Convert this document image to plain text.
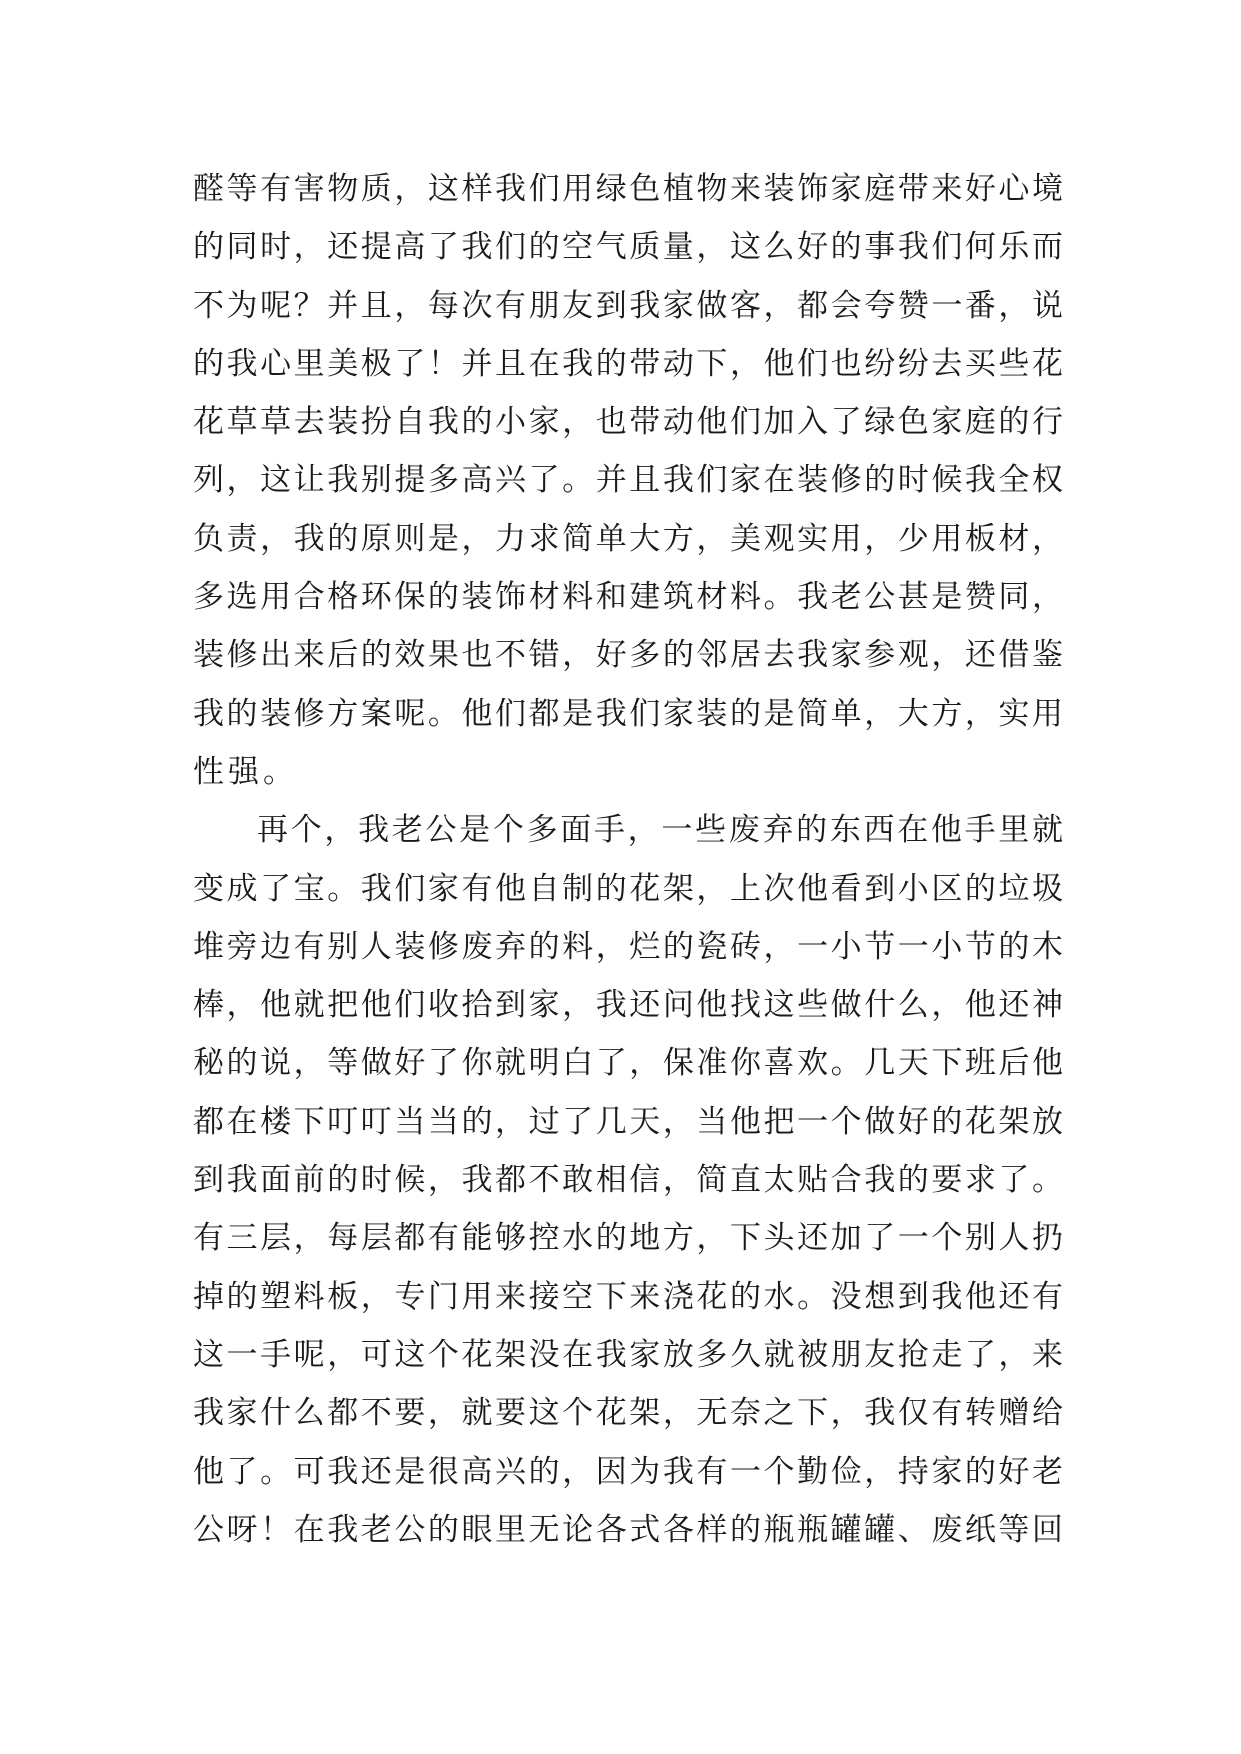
醛等有害物质，这样我们用绿色植物来装饰家庭带来好心境
的同时，还提高了我们的空气质量，这么好的事我们何乐而
不为呢？并且，每次有朋友到我家做客，都会夸赞一番，说
的我心里美极了！并且在我的带动下，他们也纷纷去买些花
花草草去装扮自我的小家，也带动他们加入了绿色家庭的行
列，这让我别提多高兴了。并且我们家在装修的时候我全权
负责，我的原则是，力求简单大方，美观实用，少用板材，
多选用合格环保的装饰材料和建筑材料。我老公甚是赞同，
装修出来后的效果也不错，好多的邻居去我家参观，还借鉴
我的装修方案呢。他们都是我们家装的是简单，大方，实用
性强。
再个，我老公是个多面手，一些废弃的东西在他手里就
变成了宝。我们家有他自制的花架，上次他看到小区的垃圾
堆旁边有别人装修废弃的料，烂的瓷砖，一小节一小节的木
棒，他就把他们收拾到家，我还问他找这些做什么，他还神
秘的说，等做好了你就明白了，保准你喜欢。几天下班后他
都在楼下叮叮当当的，过了几天，当他把一个做好的花架放
到我面前的时候，我都不敢相信，简直太贴合我的要求了。
有三层，每层都有能够控水的地方，下头还加了一个别人扔
掉的塑料板，专门用来接空下来浇花的水。没想到我他还有
这一手呢，可这个花架没在我家放多久就被朋友抢走了，来
我家什么都不要，就要这个花架，无奈之下，我仅有转赠给
他了。可我还是很高兴的，因为我有一个勤俭，持家的好老
公呀！在我老公的眼里无论各式各样的瓶瓶罐罐、废纸等回
